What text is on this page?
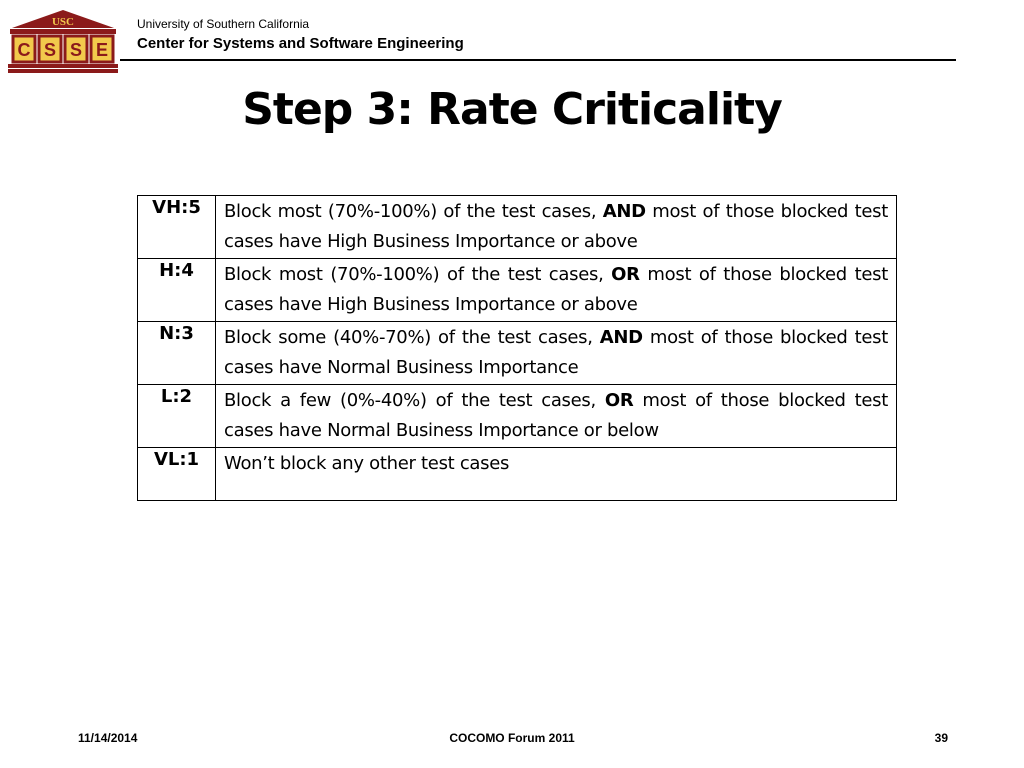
USC
C S S E
University of Southern California
Center for Systems and Software Engineering
Step 3: Rate Criticality
VH:5	Block most (70%-100%) of the test cases, AND most of those blocked test cases have High Business Importance or above
H:4	Block most (70%-100%) of the test cases, OR most of those blocked test cases have High Business Importance or above
N:3	Block some (40%-70%) of the test cases, AND most of those blocked test cases have Normal Business Importance
L:2	Block a few (0%-40%) of the test cases, OR most of those blocked test cases have Normal Business Importance or below
VL:1	Won’t block any other test cases
11/14/2014	COCOMO Forum 2011	39
